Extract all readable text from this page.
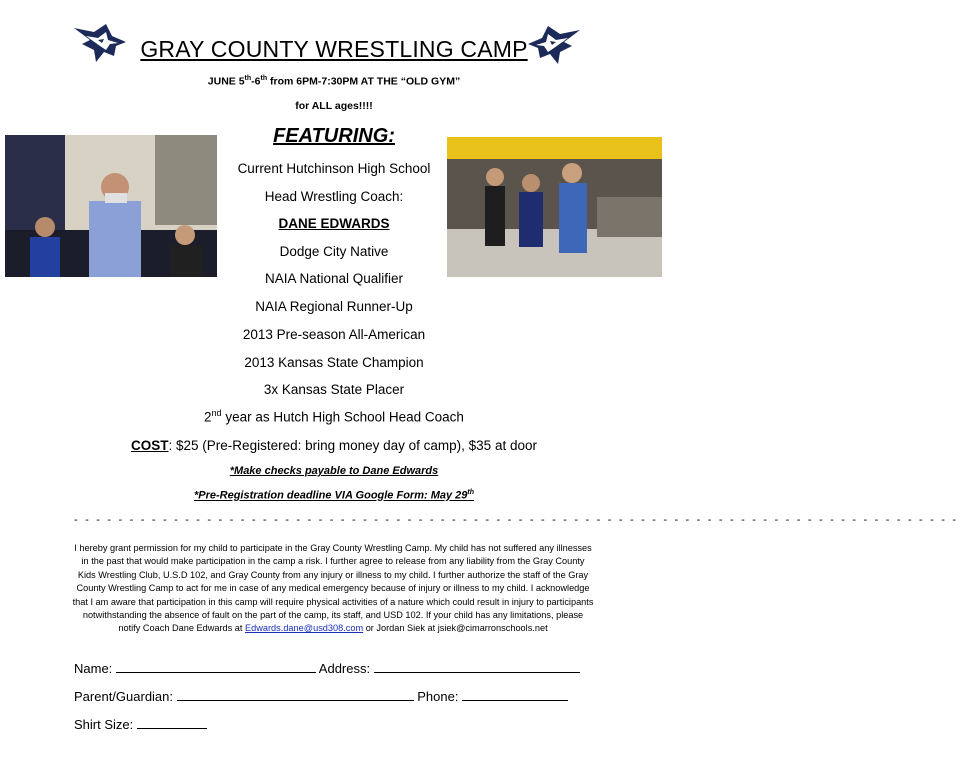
GRAY COUNTY WRESTLING CAMP
JUNE 5th-6th from 6PM-7:30PM AT THE “OLD GYM”
for ALL ages!!!!
FEATURING:
Current Hutchinson High School
Head Wrestling Coach:
DANE EDWARDS
Dodge City Native
NAIA National Qualifier
NAIA Regional Runner-Up
2013 Pre-season All-American
2013 Kansas State Champion
3x Kansas State Placer
2nd year as Hutch High School Head Coach
COST: $25 (Pre-Registered: bring money day of camp), $35 at door
*Make checks payable to Dane Edwards
*Pre-Registration deadline VIA Google Form: May 29th
- - - - - - - - - - - - - - - - - - - - - - - - - - - - - - - - - - - - - - - - - - - - - - - - - - - - - - - - - - - - - - - - - - - - - - - - - - - - - - - -
I hereby grant permission for my child to participate in the Gray County Wrestling Camp. My child has not suffered any illnesses in the past that would make participation in the camp a risk. I further agree to release from any liability from the Gray County Kids Wrestling Club, U.S.D 102, and Gray County from any injury or illness to my child. I further authorize the staff of the Gray County Wrestling Camp to act for me in case of any medical emergency because of injury or illness to my child. I acknowledge that I am aware that participation in this camp will require physical activities of a nature which could result in injury to participants notwithstanding the absence of fault on the part of the camp, its staff, and USD 102. If your child has any limitations, please notify Coach Dane Edwards at Edwards.dane@usd308.com or Jordan Siek at jsiek@cimarronschools.net
Name:	Address:
Parent/Guardian:	Phone:
Shirt Size:
